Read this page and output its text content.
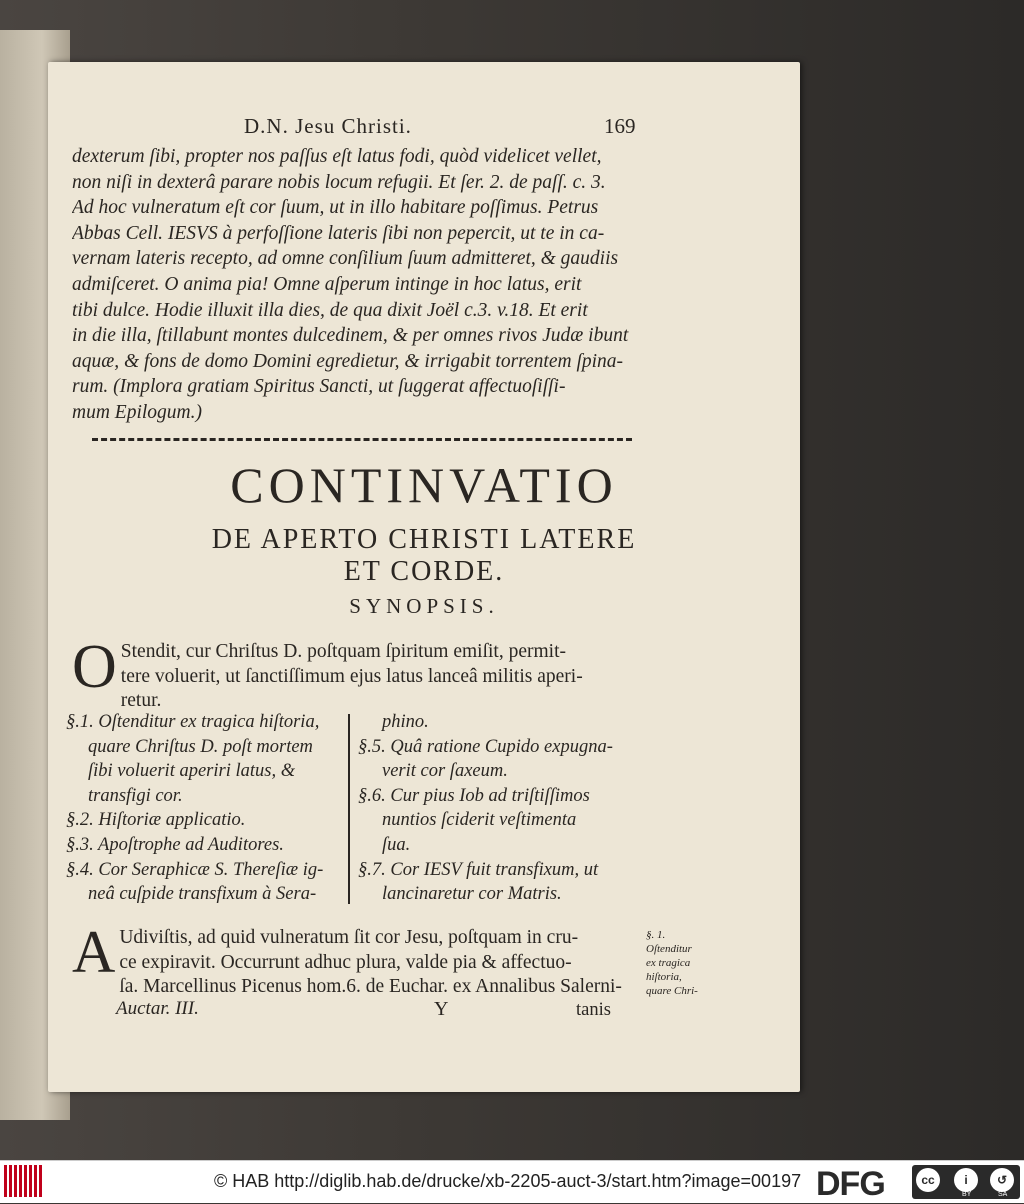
D.N. Jesu Christi.	169
dexterum ſibi, propter nos paſſus eſt latus fodi, quòd videlicet vellet,
non niſi in dexterâ parare nobis locum refugii. Et ſer. 2. de paſſ. c. 3.
Ad hoc vulneratum eſt cor ſuum, ut in illo habitare poſſimus. Petrus
Abbas Cell. IESVS à perfoſſione lateris ſibi non pepercit, ut te in ca-
vernam lateris recepto, ad omne conſilium ſuum admitteret, & gaudiis
admiſceret. O anima pia! Omne aſperum intinge in hoc latus, erit
tibi dulce. Hodie illuxit illa dies, de qua dixit Joël c.3. v.18. Et erit
in die illa, ſtillabunt montes dulcedinem, & per omnes rivos Judæ ibunt
aquæ, & fons de domo Domini egredietur, & irrigabit torrentem ſpina-
rum. (Implora gratiam Spiritus Sancti, ut ſuggerat affectuoſiſſi-
mum Epilogum.)
CONTINVATIO
DE APERTO CHRISTI LATERE
ET CORDE.
SYNOPSIS.
O Stendit, cur Chriſtus D. poſtquam ſpiritum emiſit, permit-
tere voluerit, ut ſanctiſſimum ejus latus lanceâ militis aperi-
retur.
§.1. Oſtenditur ex tragica hiſtoria,
quare Chriſtus D. poſt mortem
ſibi voluerit aperiri latus, &
transfigi cor.
§.2. Hiſtoriæ applicatio.
§.3. Apoſtrophe ad Auditores.
§.4. Cor Seraphicæ S. Thereſiæ ig-
neâ cuſpide transfixum à Sera-
phino.
§.5. Quâ ratione Cupido expugna-
verit cor ſaxeum.
§.6. Cur pius Iob ad triſtiſſimos
nuntios ſciderit veſtimenta
ſua.
§.7. Cor IESV fuit transfixum, ut
lancinaretur cor Matris.
A Udiviſtis, ad quid vulneratum ſit cor Jesu, poſtquam in cru-
ce expiravit. Occurrunt adhuc plura, valde pia & affectuo-
ſa. Marcellinus Picenus hom.6. de Euchar. ex Annalibus Salerni-
Auctar. III.	Y	tanis
§. 1.
Oſtenditur
ex tragica
hiſtoria,
quare Chri-
© HAB http://diglib.hab.de/drucke/xb-2205-auct-3/start.htm?image=00197 DFG	cc	i	↺
BY	SA
